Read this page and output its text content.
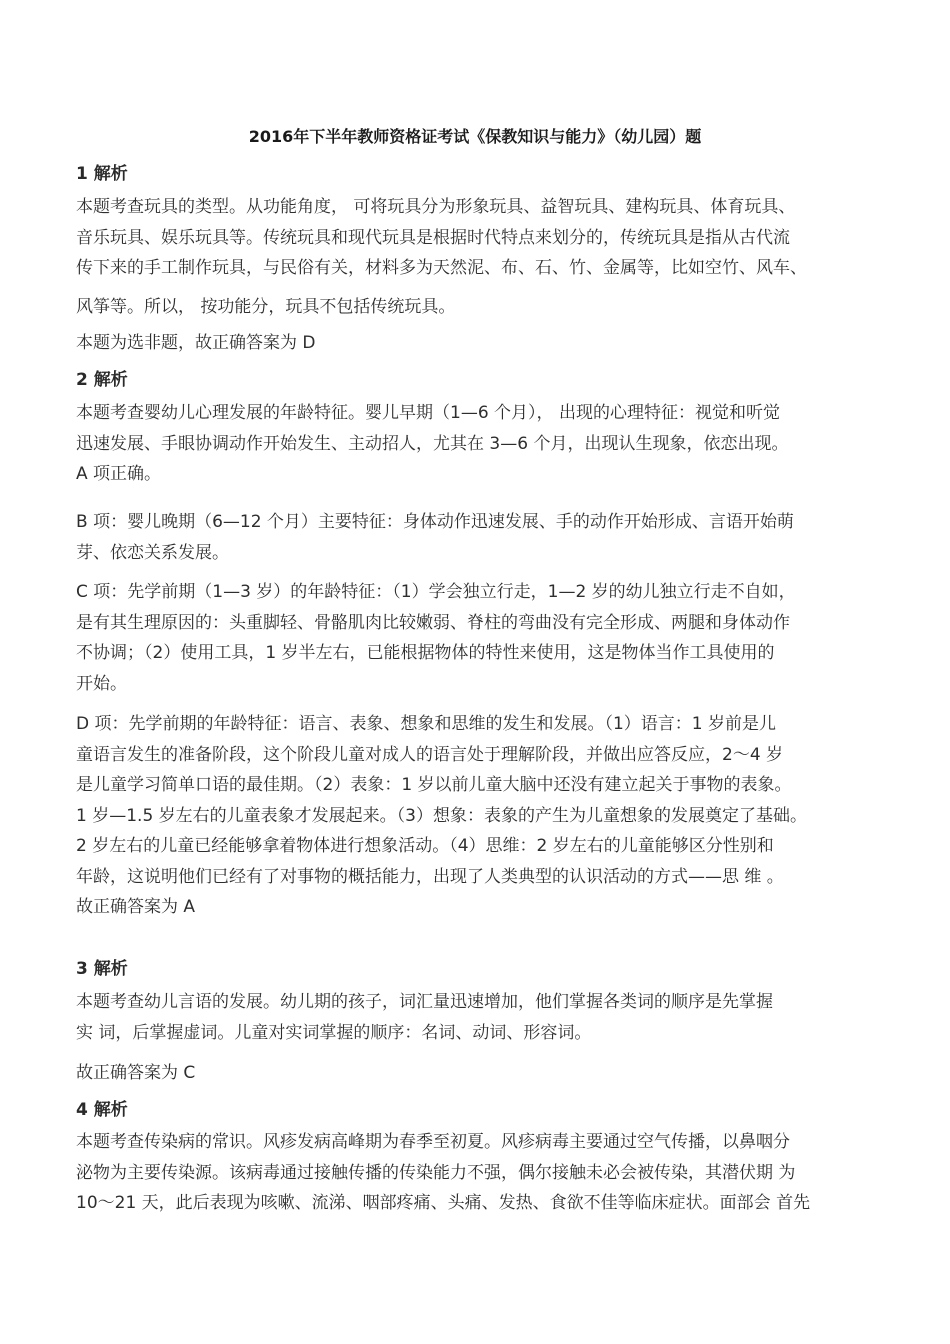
2016年下半年教师资格证考试《保教知识与能力》（幼儿园）题
1 解析
本题考查玩具的类型。从功能角度， 可将玩具分为形象玩具、益智玩具、建构玩具、体育玩具、
音乐玩具、娱乐玩具等。传统玩具和现代玩具是根据时代特点来划分的，传统玩具是指从古代流
传下来的手工制作玩具，与民俗有关，材料多为天然泥、布、石、竹、金属等，比如空竹、风车、
风筝等。所以， 按功能分，玩具不包括传统玩具。
本题为选非题，故正确答案为 D
2 解析
本题考查婴幼儿心理发展的年龄特征。婴儿早期（1—6 个月）， 出现的心理特征：视觉和听觉
迅速发展、手眼协调动作开始发生、主动招人，尤其在 3—6 个月，出现认生现象，依恋出现。
A 项正确。
B 项：婴儿晚期（6—12 个月）主要特征：身体动作迅速发展、手的动作开始形成、言语开始萌
芽、依恋关系发展。
C 项：先学前期（1—3 岁）的年龄特征：（1）学会独立行走，1—2 岁的幼儿独立行走不自如，
是有其生理原因的：头重脚轻、骨骼肌肉比较嫩弱、脊柱的弯曲没有完全形成、两腿和身体动作
不协调；（2）使用工具，1 岁半左右，已能根据物体的特性来使用，这是物体当作工具使用的
开始。
D 项：先学前期的年龄特征：语言、表象、想象和思维的发生和发展。（1）语言：1 岁前是儿
童语言发生的准备阶段，这个阶段儿童对成人的语言处于理解阶段，并做出应答反应，2～4 岁
是儿童学习简单口语的最佳期。（2）表象：1 岁以前儿童大脑中还没有建立起关于事物的表象。
1 岁—1.5 岁左右的儿童表象才发展起来。（3）想象：表象的产生为儿童想象的发展奠定了基础。
2 岁左右的儿童已经能够拿着物体进行想象活动。（4）思维：2 岁左右的儿童能够区分性别和
年龄，这说明他们已经有了对事物的概括能力，出现了人类典型的认识活动的方式——思 维 。
故正确答案为 A
3 解析
本题考查幼儿言语的发展。幼儿期的孩子，词汇量迅速增加，他们掌握各类词的顺序是先掌握
实 词，后掌握虚词。儿童对实词掌握的顺序：名词、动词、形容词。
故正确答案为 C
4 解析
本题考查传染病的常识。风疹发病高峰期为春季至初夏。风疹病毒主要通过空气传播，以鼻咽分
泌物为主要传染源。该病毒通过接触传播的传染能力不强，偶尔接触未必会被传染，其潜伏期 为
10～21 天，此后表现为咳嗽、流涕、咽部疼痛、头痛、发热、食欲不佳等临床症状。面部会 首先
